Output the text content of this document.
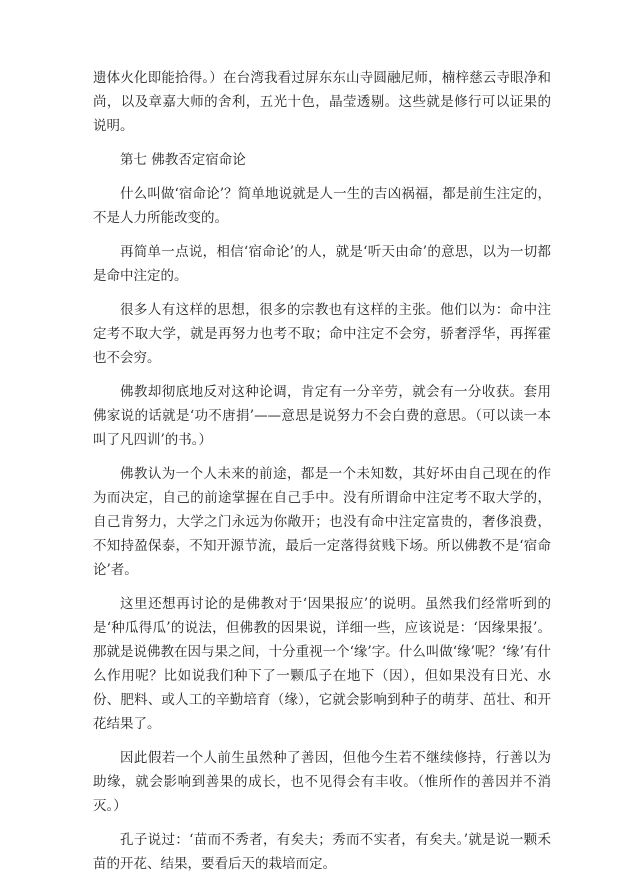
遗体火化即能拾得。）在台湾我看过屏东东山寺圆融尼师，楠梓慈云寺眼净和尚，以及章嘉大师的舍利，五光十色，晶莹透剔。这些就是修行可以证果的说明。

第七 佛教否定宿命论

什么叫做‘宿命论’？简单地说就是人一生的吉凶祸福，都是前生注定的，不是人力所能改变的。

再简单一点说，相信‘宿命论’的人，就是‘听天由命’的意思，以为一切都是命中注定的。

很多人有这样的思想，很多的宗教也有这样的主张。他们以为：命中注定考不取大学，就是再努力也考不取；命中注定不会穷，骄奢浮华，再挥霍也不会穷。

佛教却彻底地反对这种论调，肯定有一分辛劳，就会有一分收获。套用佛家说的话就是‘功不唐捐’——意思是说努力不会白费的意思。（可以读一本叫了凡四训’的书。）

佛教认为一个人未来的前途，都是一个未知数，其好坏由自己现在的作为而决定，自己的前途掌握在自己手中。没有所谓命中注定考不取大学的，自己肯努力，大学之门永远为你敞开；也没有命中注定富贵的，奢侈浪费，不知持盈保泰，不知开源节流，最后一定落得贫贱下场。所以佛教不是‘宿命论’者。

这里还想再讨论的是佛教对于‘因果报应’的说明。虽然我们经常听到的是‘种瓜得瓜’的说法，但佛教的因果说，详细一些，应该说是：‘因缘果报’。那就是说佛教在因与果之间，十分重视一个‘缘’字。什么叫做‘缘’呢？‘缘’有什么作用呢？比如说我们种下了一颗瓜子在地下（因），但如果没有日光、水份、肥料、或人工的辛勤培育（缘），它就会影响到种子的萌芽、茁壮、和开花结果了。

因此假若一个人前生虽然种了善因，但他今生若不继续修持，行善以为助缘，就会影响到善果的成长，也不见得会有丰收。（惟所作的善因并不消灭。）

孔子说过：‘苗而不秀者，有矣夫；秀而不实者，有矣夫。’就是说一颗禾苗的开花、结果，要看后天的栽培而定。
